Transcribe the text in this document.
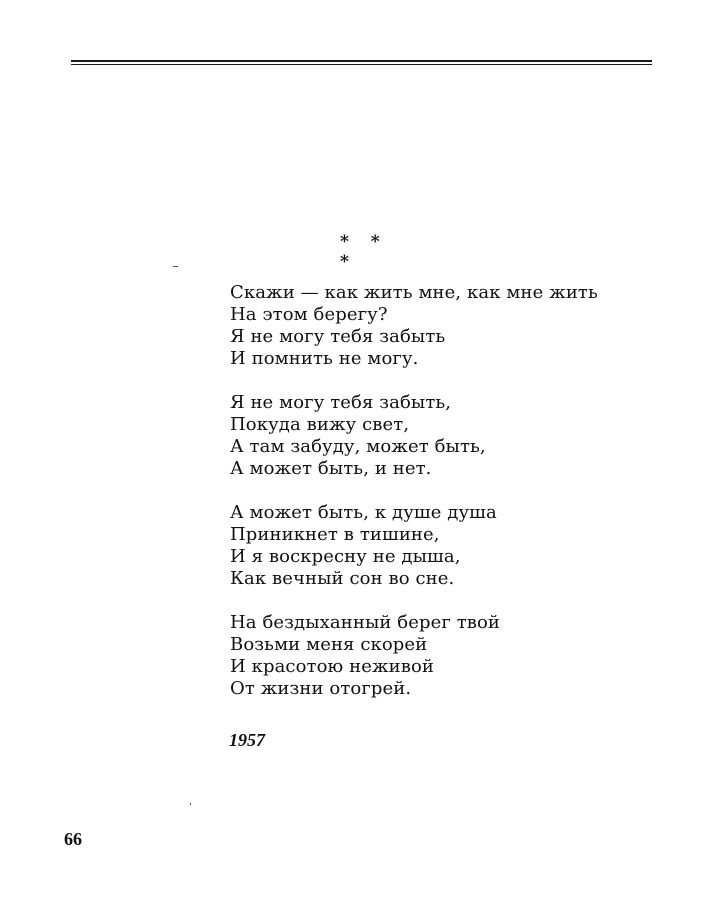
* * *
Скажи — как жить мне, как мне жить
На этом берегу?
Я не могу тебя забыть
И помнить не могу.
Я не могу тебя забыть,
Покуда вижу свет,
А там забуду, может быть,
А может быть, и нет.
А может быть, к душе душа
Приникнет в тишине,
И я воскресну не дыша,
Как вечный сон во сне.
На бездыханный берег твой
Возьми меня скорей
И красотою неживой
От жизни отогрей.
1957
66
